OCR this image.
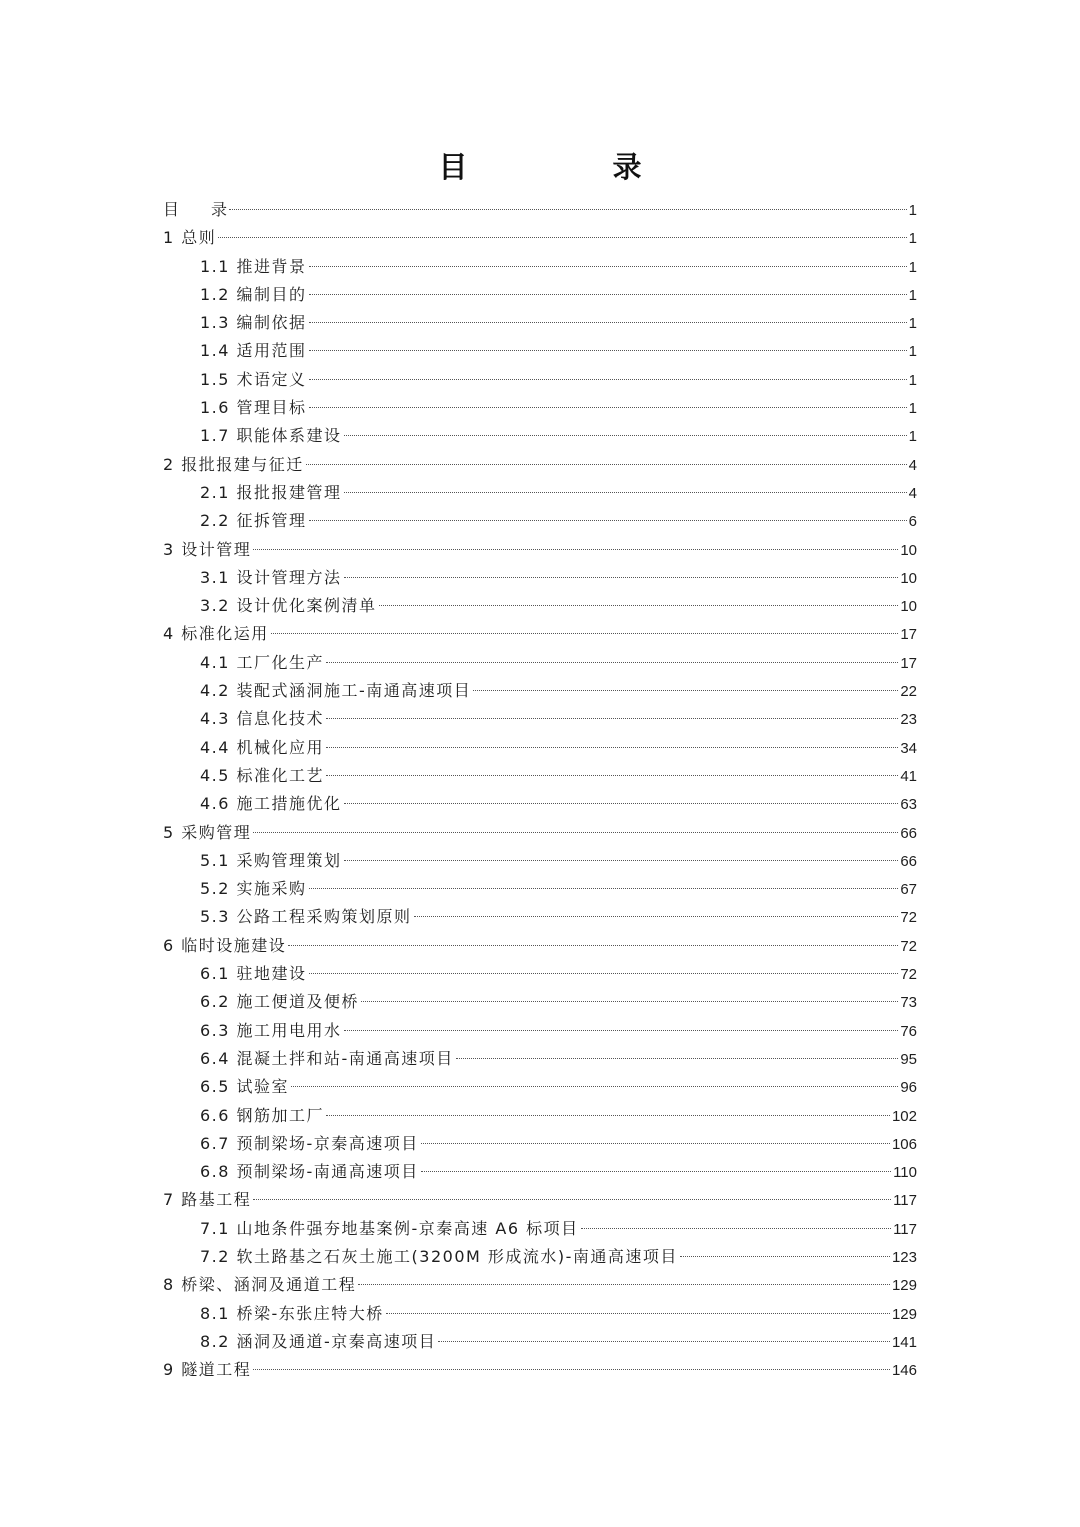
目　录
目　　录	1
1 总则	1
1.1 推进背景	1
1.2 编制目的	1
1.3 编制依据	1
1.4 适用范围	1
1.5 术语定义	1
1.6 管理目标	1
1.7 职能体系建设	1
2 报批报建与征迁	4
2.1 报批报建管理	4
2.2 征拆管理	6
3 设计管理	10
3.1 设计管理方法	10
3.2 设计优化案例清单	10
4 标准化运用	17
4.1 工厂化生产	17
4.2 装配式涵洞施工-南通高速项目	22
4.3 信息化技术	23
4.4 机械化应用	34
4.5 标准化工艺	41
4.6 施工措施优化	63
5 采购管理	66
5.1 采购管理策划	66
5.2 实施采购	67
5.3 公路工程采购策划原则	72
6 临时设施建设	72
6.1 驻地建设	72
6.2 施工便道及便桥	73
6.3 施工用电用水	76
6.4 混凝土拌和站-南通高速项目	95
6.5 试验室	96
6.6 钢筋加工厂	102
6.7 预制梁场-京秦高速项目	106
6.8 预制梁场-南通高速项目	110
7 路基工程	117
7.1 山地条件强夯地基案例-京秦高速 A6 标项目	117
7.2 软土路基之石灰土施工(3200M 形成流水)-南通高速项目	123
8 桥梁、涵洞及通道工程	129
8.1 桥梁-东张庄特大桥	129
8.2 涵洞及通道-京秦高速项目	141
9 隧道工程	146
